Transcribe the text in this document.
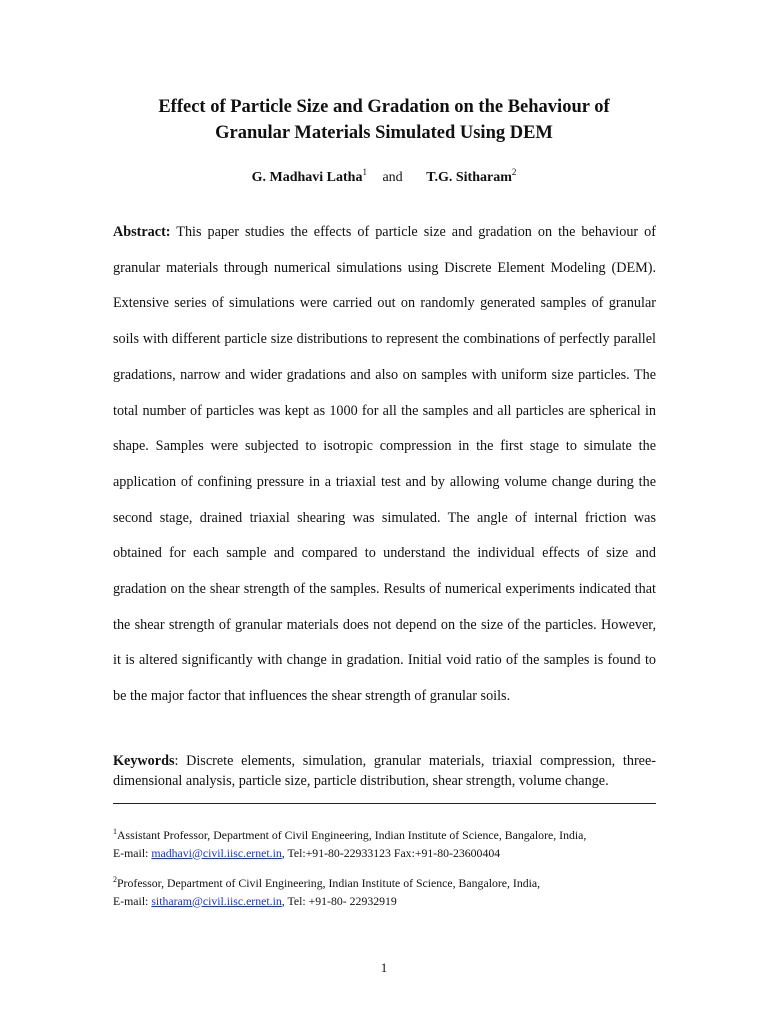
Effect of Particle Size and Gradation on the Behaviour of
Granular Materials Simulated Using DEM
G. Madhavi Latha$^1$ and T.G. Sitharam$^2$

Abstract: This paper studies the effects of particle size and gradation on the behaviour of granular materials through numerical simulations using Discrete Element Modeling (DEM). Extensive series of simulations were carried out on randomly generated samples of granular soils with different particle size distributions to represent the combinations of perfectly parallel gradations, narrow and wider gradations and also on samples with uniform size particles. The total number of particles was kept as 1000 for all the samples and all particles are spherical in shape. Samples were subjected to isotropic compression in the first stage to simulate the application of confining pressure in a triaxial test and by allowing volume change during the second stage, drained triaxial shearing was simulated. The angle of internal friction was obtained for each sample and compared to understand the individual effects of size and gradation on the shear strength of the samples. Results of numerical experiments indicated that the shear strength of granular materials does not depend on the size of the particles. However, it is altered significantly with change in gradation. Initial void ratio of the samples is found to be the major factor that influences the shear strength of granular soils.

Keywords: Discrete elements, simulation, granular materials, triaxial compression, three-dimensional analysis, particle size, particle distribution, shear strength, volume change.

$^1$Assistant Professor, Department of Civil Engineering, Indian Institute of Science, Bangalore, India,
E-mail: madhavi@civil.iisc.ernet.in, Tel:+91-80-22933123 Fax:+91-80-23600404

$^2$Professor, Department of Civil Engineering, Indian Institute of Science, Bangalore, India,
E-mail: sitharam@civil.iisc.ernet.in, Tel: +91-80- 22932919

1
